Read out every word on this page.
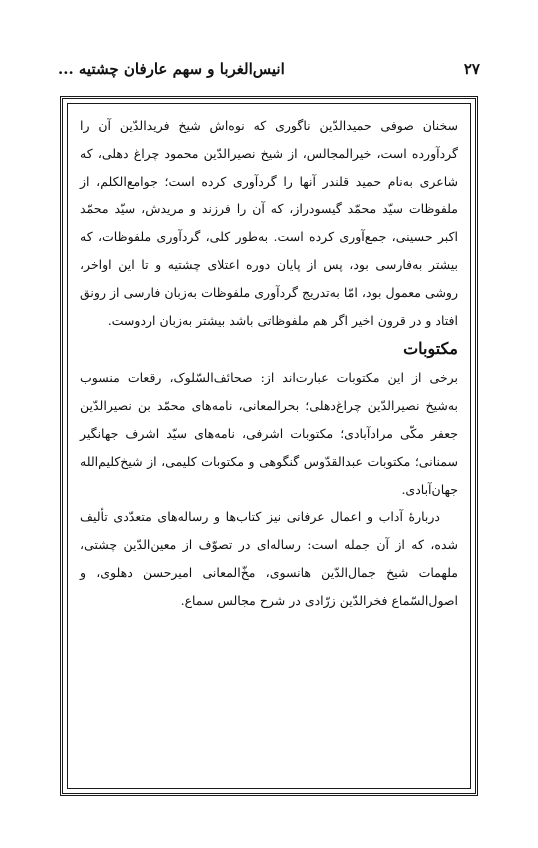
۲۷
انیس‌الغربا و سهم عارفان چشتیه ...

سخنان صوفی حمیدالدّین ناگوری که نوه‌اش شیخ فریدالدّین آن را گردآورده است، خیرالمجالس، از شیخ نصیرالدّین محمود چراغ دهلی، که شاعری به‌نام حمید قلندر آنها را گردآوری کرده است؛ جوامع‌الکلم، از ملفوظات سیّد محمّد گیسودراز، که آن را فرزند و مریدش، سیّد محمّد اکبر حسینی، جمع‌آوری کرده است. به‌طور کلی، گردآوری ملفوظات، که بیشتر به‌فارسی بود، پس از پایان دوره اعتلای چشتیه و تا این اواخر، روشی معمول بود، امّا به‌تدریج گردآوری ملفوظات به‌زبان فارسی از رونق افتاد و در قرون اخیر اگر هم ملفوظاتی باشد بیشتر به‌زبان اردوست.

مکتوبات

برخی از این مکتوبات عبارت‌اند از: صحائف‌السّلوک، رقعات منسوب به‌شیخ نصیرالدّین چراغ‌دهلی؛ بحرالمعانی، نامه‌های محمّد بن نصیرالدّین جعفر مکّی مرادآبادی؛ مکتوبات اشرفی، نامه‌های سیّد اشرف جهانگیر سمنانی؛ مکتوبات عبدالقدّوس گنگوهی و مکتوبات کلیمی، از شیخ‌کلیم‌الله جهان‌آبادی.

دربارهٔ آداب و اعمال عرفانی نیز کتاب‌ها و رساله‌های متعدّدی تألیف شده، که از آن جمله است: رساله‌ای در تصوّف از معین‌الدّین چشتی، ملهمات شیخ جمال‌الدّین هانسوی، مخّ‌المعانی امیرحسن دهلوی، و اصول‌السّماع فخرالدّین زرّادی در شرح مجالس سماع.
